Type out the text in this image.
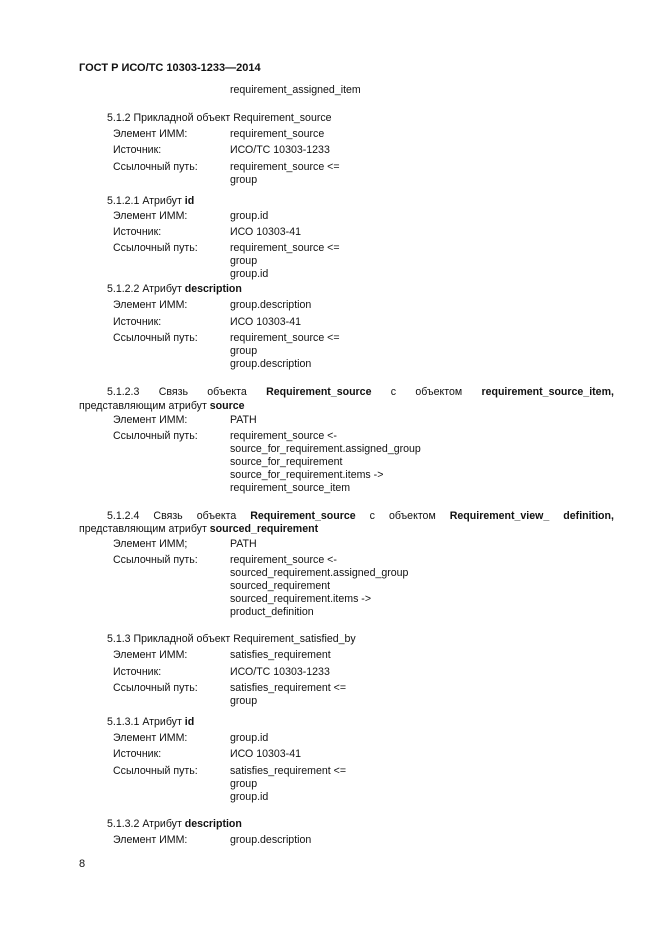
ГОСТ Р ИСО/ТС 10303-1233—2014
requirement_assigned_item
5.1.2 Прикладной объект Requirement_source
Элемент ИММ:	requirement_source
Источник:	ИСО/ТС 10303-1233
Ссылочный путь:	requirement_source <=
group
5.1.2.1 Атрибут id
Элемент ИММ:	group.id
Источник:	ИСО 10303-41
Ссылочный путь:	requirement_source <=
group
group.id
5.1.2.2 Атрибут description
Элемент ИММ:	group.description
Источник:	ИСО 10303-41
Ссылочный путь:	requirement_source <=
group
group.description
5.1.2.3 Связь объекта Requirement_source с объектом requirement_source_item,
представляющим атрибут source
Элемент ИММ:	PATH
Ссылочный путь:	requirement_source <-
source_for_requirement.assigned_group
source_for_requirement
source_for_requirement.items ->
requirement_source_item
5.1.2.4 Связь объекта Requirement_source с объектом Requirement_view_ definition,
представляющим атрибут sourced_requirement
Элемент ИММ;	PATH
Ссылочный путь:	requirement_source <-
sourced_requirement.assigned_group
sourced_requirement
sourced_requirement.items ->
product_definition
5.1.3 Прикладной объект Requirement_satisfied_by
Элемент ИММ:	satisfies_requirement
Источник:	ИСО/ТС 10303-1233
Ссылочный путь:	satisfies_requirement <=
group
5.1.3.1 Атрибут id
Элемент ИММ:	group.id
Источник:	ИСО 10303-41
Ссылочный путь:	satisfies_requirement <=
group
group.id
5.1.3.2 Атрибут description
Элемент ИММ:	group.description
8
